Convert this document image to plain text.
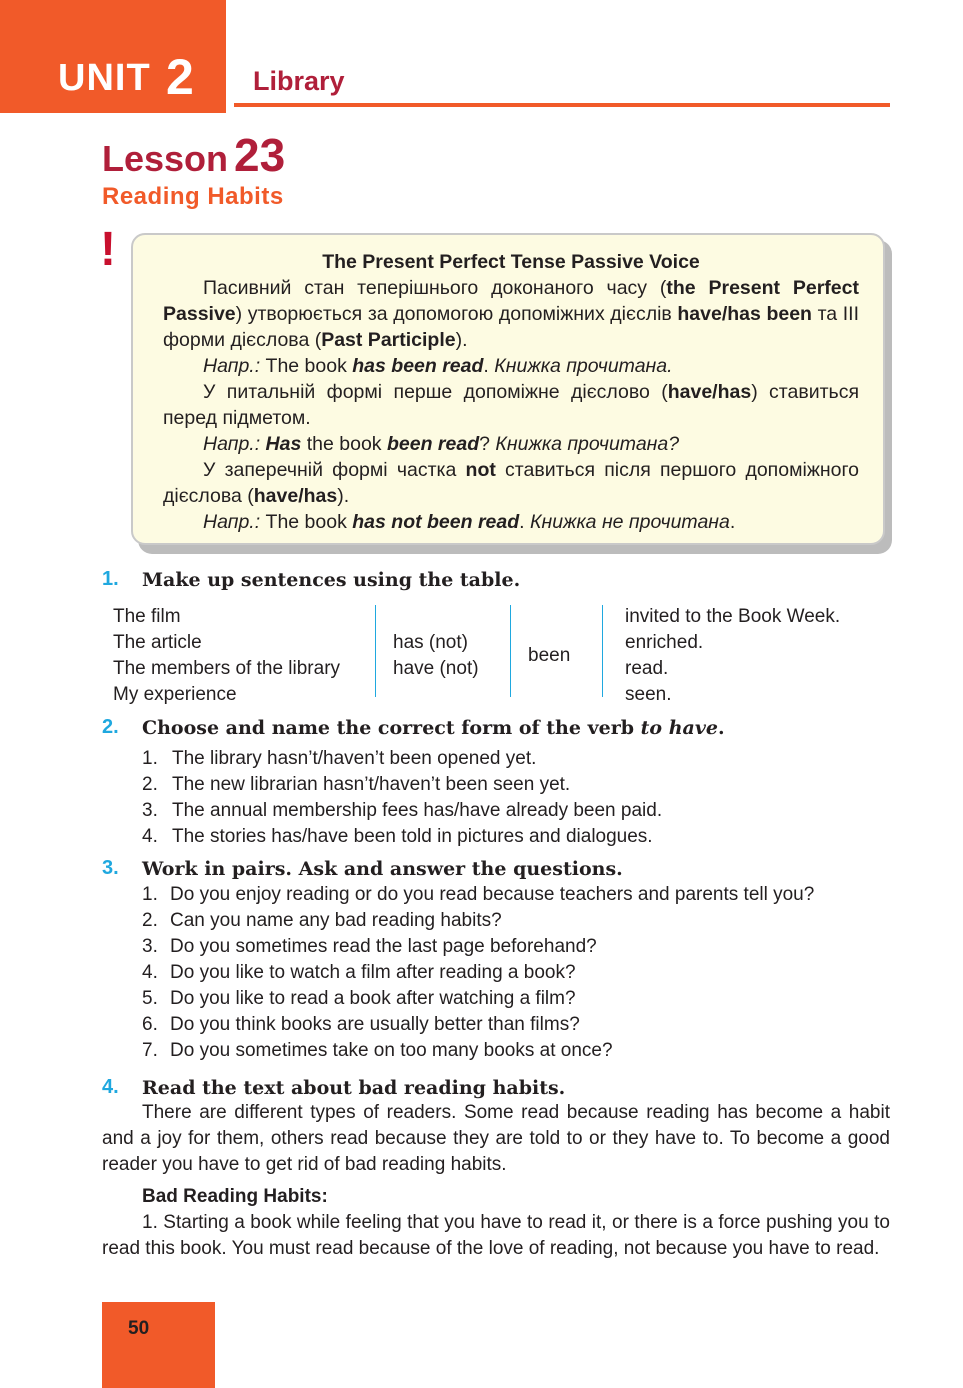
UNIT 2 Library
Lesson 23
Reading Habits
!	The Present Perfect Tense Passive Voice

Пасивний стан теперішнього доконаного часу (the Present Perfect Passive) утворюється за допомогою допоміжних дієслів have/has been та III форми дієслова (Past Participle).

Напр.: The book has been read. Книжка прочитана.

У питальній формі перше допоміжне дієслово (have/has) ставиться перед підметом.

Напр.: Has the book been read? Книжка прочитана?

У заперечній формі частка not ставиться після першого допоміжного дієслова (have/has).

Напр.: The book has not been read. Книжка не прочитана.

1. Make up sentences using the table.
The film
The article
The members of the library
My experience
has (not)
have (not)
been
invited to the Book Week.
enriched.
read.
seen.
2. Choose and name the correct form of the verb to have.
1. The library hasn’t/haven’t been opened yet.
2. The new librarian hasn’t/haven’t been seen yet.
3. The annual membership fees has/have already been paid.
4. The stories has/have been told in pictures and dialogues.
3. Work in pairs. Ask and answer the questions.
1. Do you enjoy reading or do you read because teachers and parents tell you?
2. Can you name any bad reading habits?
3. Do you sometimes read the last page beforehand?
4. Do you like to watch a film after reading a book?
5. Do you like to read a book after watching a film?
6. Do you think books are usually better than films?
7. Do you sometimes take on too many books at once?
4. Read the text about bad reading habits.

There are different types of readers. Some read because reading has become a habit and a joy for them, others read because they are told to or they have to. To become a good reader you have to get rid of bad reading habits.

Bad Reading Habits:

1. Starting a book while feeling that you have to read it, or there is a force pushing you to read this book. You must read because of the love of reading, not because you have to read.

50
